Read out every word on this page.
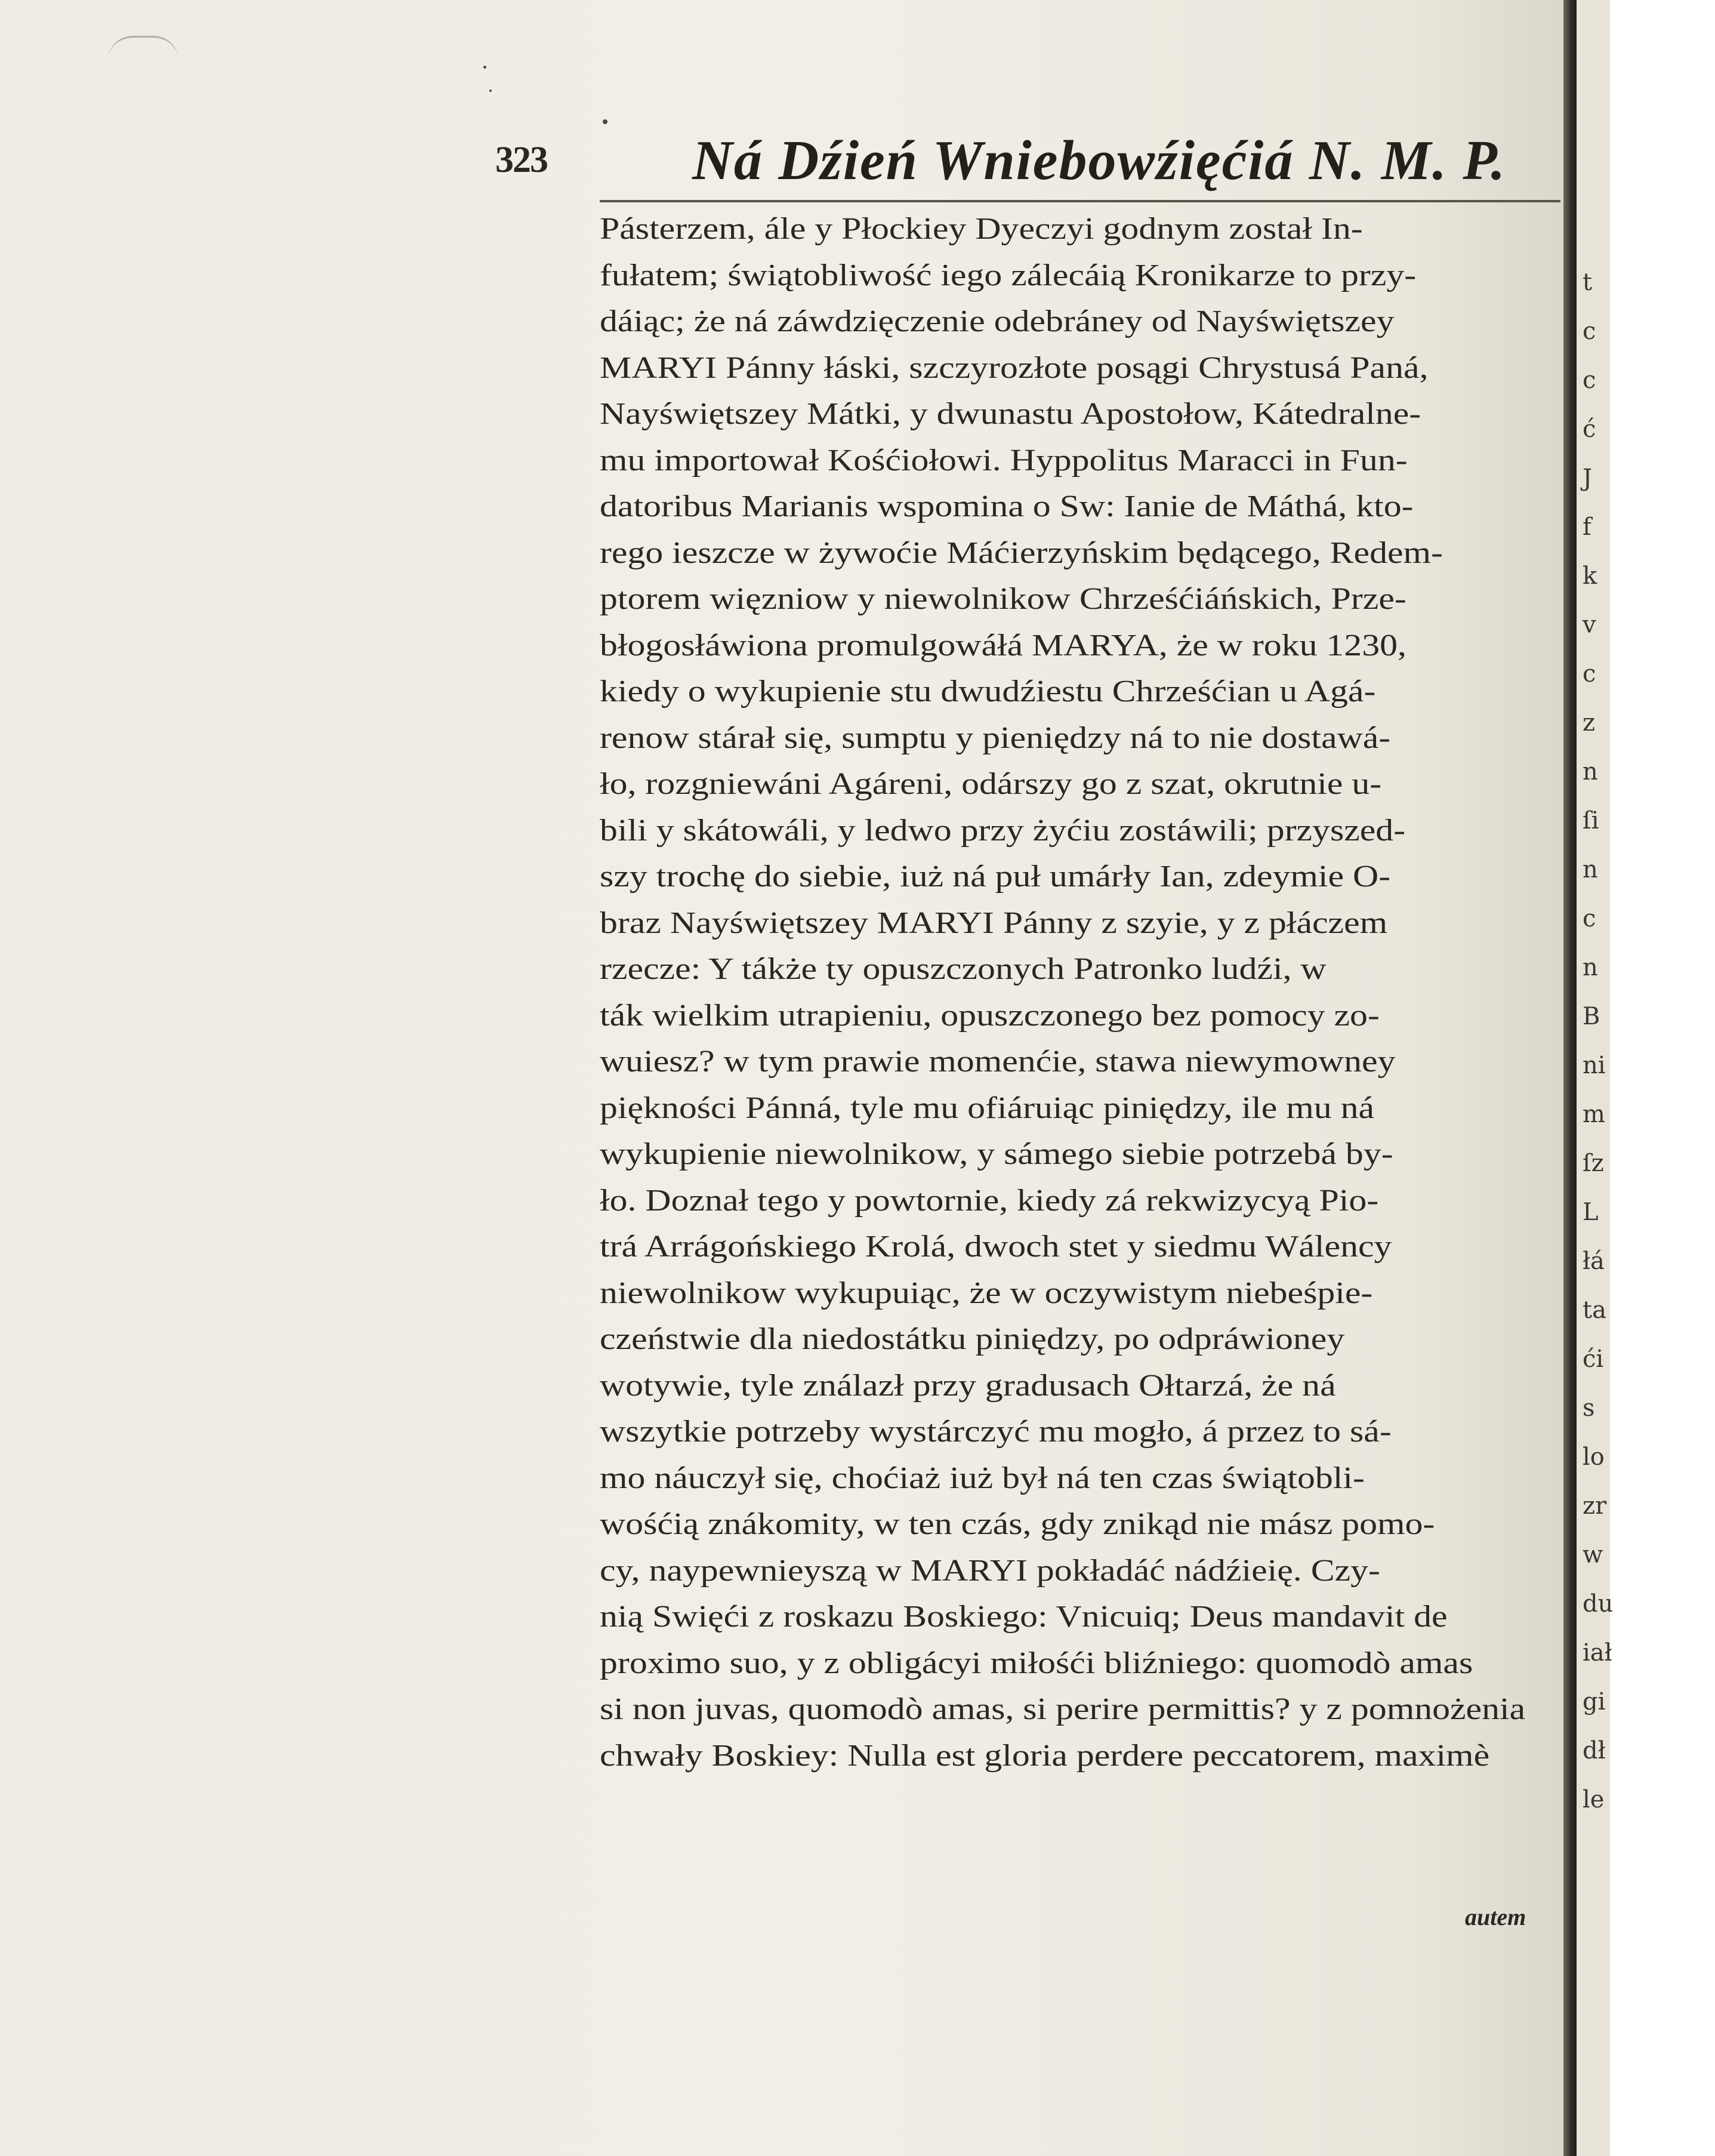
323	Ná Dźień Wniebowźięćiá N. M. P.
Pásterzem, ále y Płockiey Dyeczyi godnym został In-
fułatem; świątobliwość iego zálecáią Kronikarze to przy-
dáiąc; że ná záwdzięczenie odebráney od Nayświętszey
MARYI Pánny łáski, szczyrozłote posągi Chrystusá Paná,
Nayświętszey Mátki, y dwunastu Apostołow, Kátedralne-
mu importował Kośćiołowi. Hyppolitus Maracci in Fun-
datoribus Marianis wspomina o Sw: Ianie de Máthá, kto-
rego ieszcze w żywoćie Máćierzyńskim będącego, Redem-
ptorem więzniow y niewolnikow Chrześćiáńskich, Prze-
błogosłáwiona promulgowáłá MARYA, że w roku 1230,
kiedy o wykupienie stu dwudźiestu Chrześćian u Agá-
renow stárał się, sumptu y pieniędzy ná to nie dostawá-
ło, rozgniewáni Agáreni, odárszy go z szat, okrutnie u-
bili y skátowáli, y ledwo przy żyćiu zostáwili; przyszed-
szy trochę do siebie, iuż ná puł umárły Ian, zdeymie O-
braz Nayświętszey MARYI Pánny z szyie, y z płáczem
rzecze: Y tákże ty opuszczonych Patronko ludźi, w
ták wielkim utrapieniu, opuszczonego bez pomocy zo-
wuiesz? w tym prawie momenćie, stawa niewymowney
piękności Pánná, tyle mu ofiáruiąc piniędzy, ile mu ná
wykupienie niewolnikow, y sámego siebie potrzebá by-
ło. Doznał tego y powtornie, kiedy zá rekwizycyą Pio-
trá Arrágońskiego Krolá, dwoch stet y siedmu Wálency
niewolnikow wykupuiąc, że w oczywistym niebeśpie-
czeństwie dla niedostátku piniędzy, po odpráwioney
wotywie, tyle ználazł przy gradusach Ołtarzá, że ná
wszytkie potrzeby wystárczyć mu mogło, á przez to sá-
mo náuczył się, choćiaż iuż był ná ten czas świątobli-
wośćią znákomity, w ten czás, gdy znikąd nie mász pomo-
cy, naypewnieyszą w MARYI pokładáć nádźieię. Czy-
nią Swięći z roskazu Boskiego: Vnicuiq; Deus mandavit de
proximo suo, y z obligácyi miłośći bliźniego: quomodò amas
si non juvas, quomodò amas, si perire permittis? y z pomnożenia
chwały Boskiey: Nulla est gloria perdere peccatorem, maximè
autem
t
c
c
ć
J
f
k
v
c
z
n
ſi
n
c
n
B
ni
m
ſz
L
łá
ta
ći
s
lo
zr
w
du
iał
gi
dł
le
